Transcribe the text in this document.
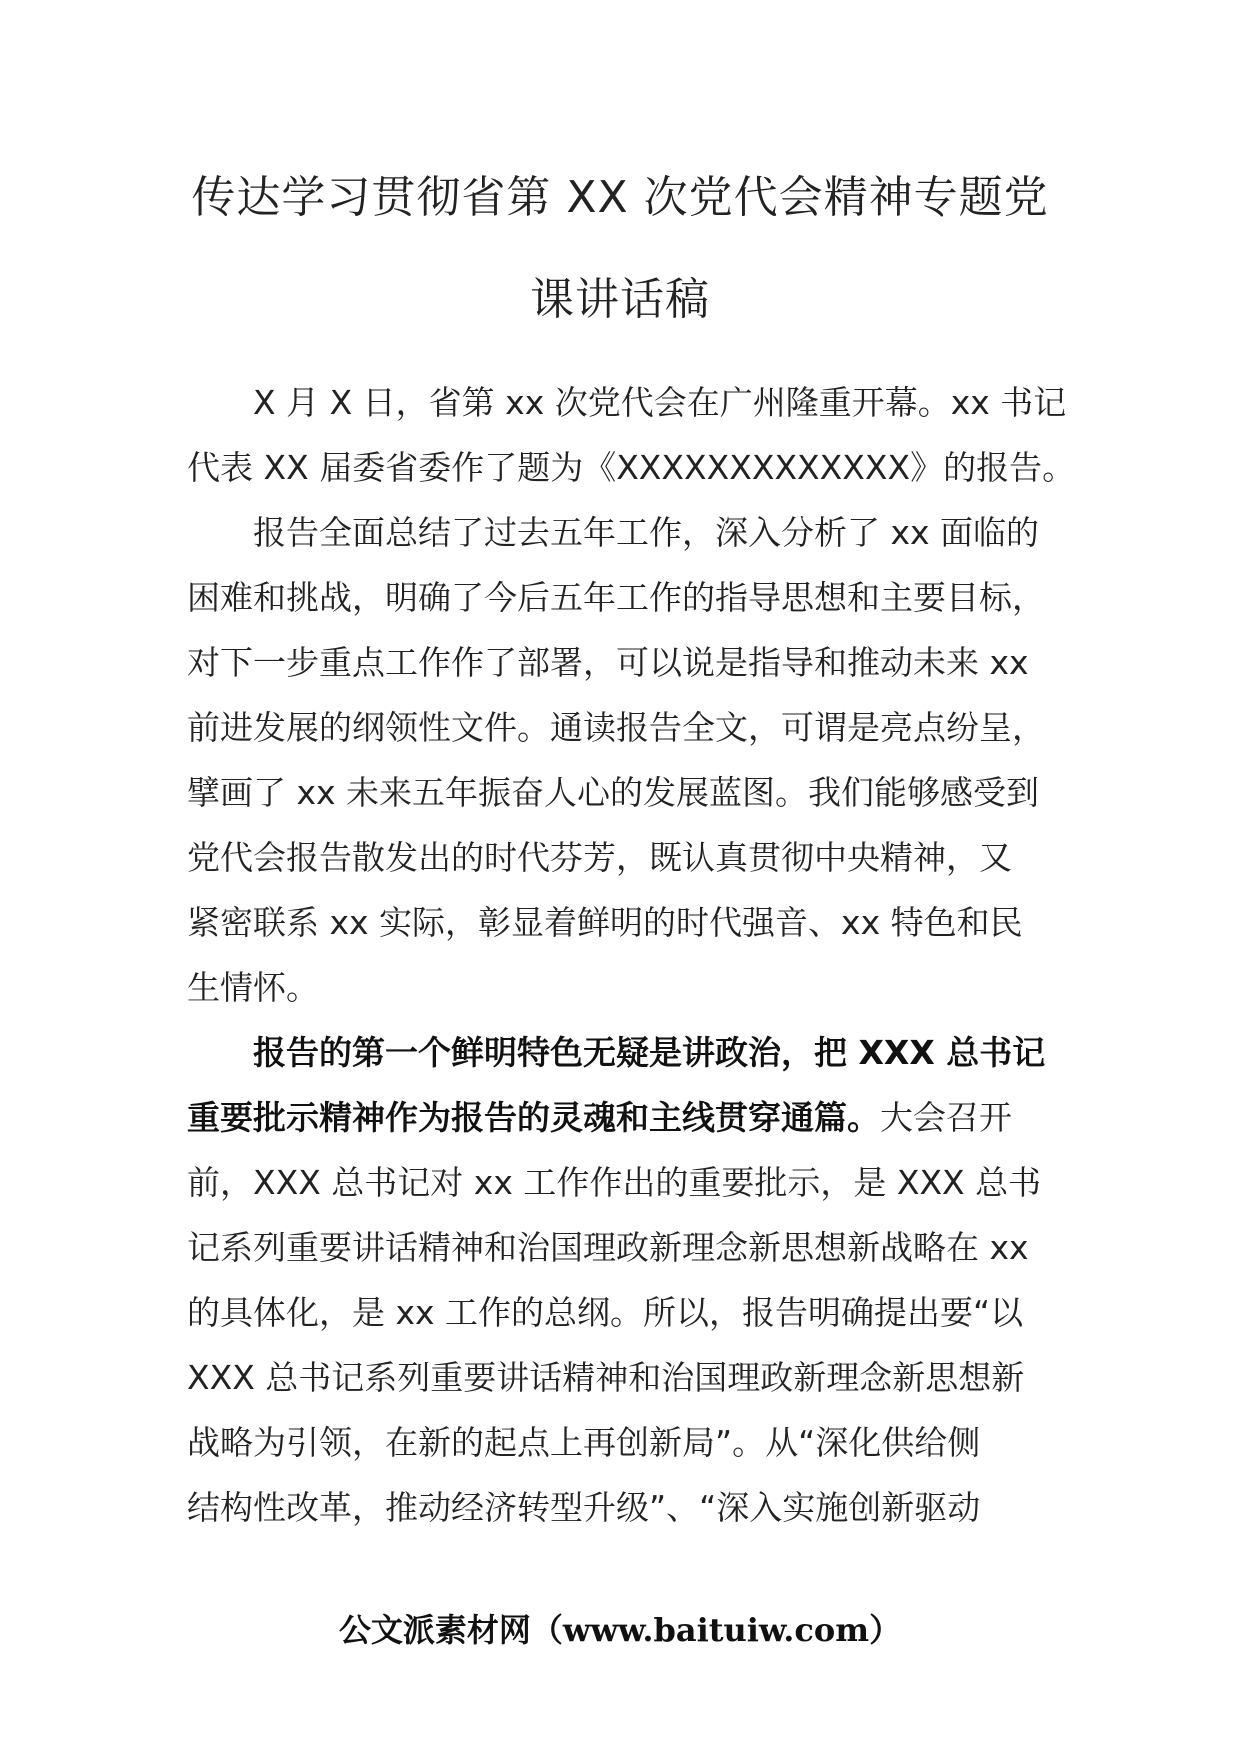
传达学习贯彻省第 XX 次党代会精神专题党
课讲话稿

X 月 X 日，省第 xx 次党代会在广州隆重开幕。xx 书记
代表 XX 届委省委作了题为《XXXXXXXXXXXXX》的报告。

报告全面总结了过去五年工作，深入分析了 xx 面临的
困难和挑战，明确了今后五年工作的指导思想和主要目标，
对下一步重点工作作了部署，可以说是指导和推动未来 xx
前进发展的纲领性文件。通读报告全文，可谓是亮点纷呈，
擘画了 xx 未来五年振奋人心的发展蓝图。我们能够感受到
党代会报告散发出的时代芬芳，既认真贯彻中央精神，又
紧密联系 xx 实际，彰显着鲜明的时代强音、xx 特色和民
生情怀。

报告的第一个鲜明特色无疑是讲政治，把 XXX 总书记
重要批示精神作为报告的灵魂和主线贯穿通篇。大会召开
前，XXX 总书记对 xx 工作作出的重要批示，是 XXX 总书
记系列重要讲话精神和治国理政新理念新思想新战略在 xx
的具体化，是 xx 工作的总纲。所以，报告明确提出要“以
XXX 总书记系列重要讲话精神和治国理政新理念新思想新
战略为引领，在新的起点上再创新局”。从“深化供给侧
结构性改革，推动经济转型升级”、“深入实施创新驱动

公文派素材网（www.baituiw.com）
